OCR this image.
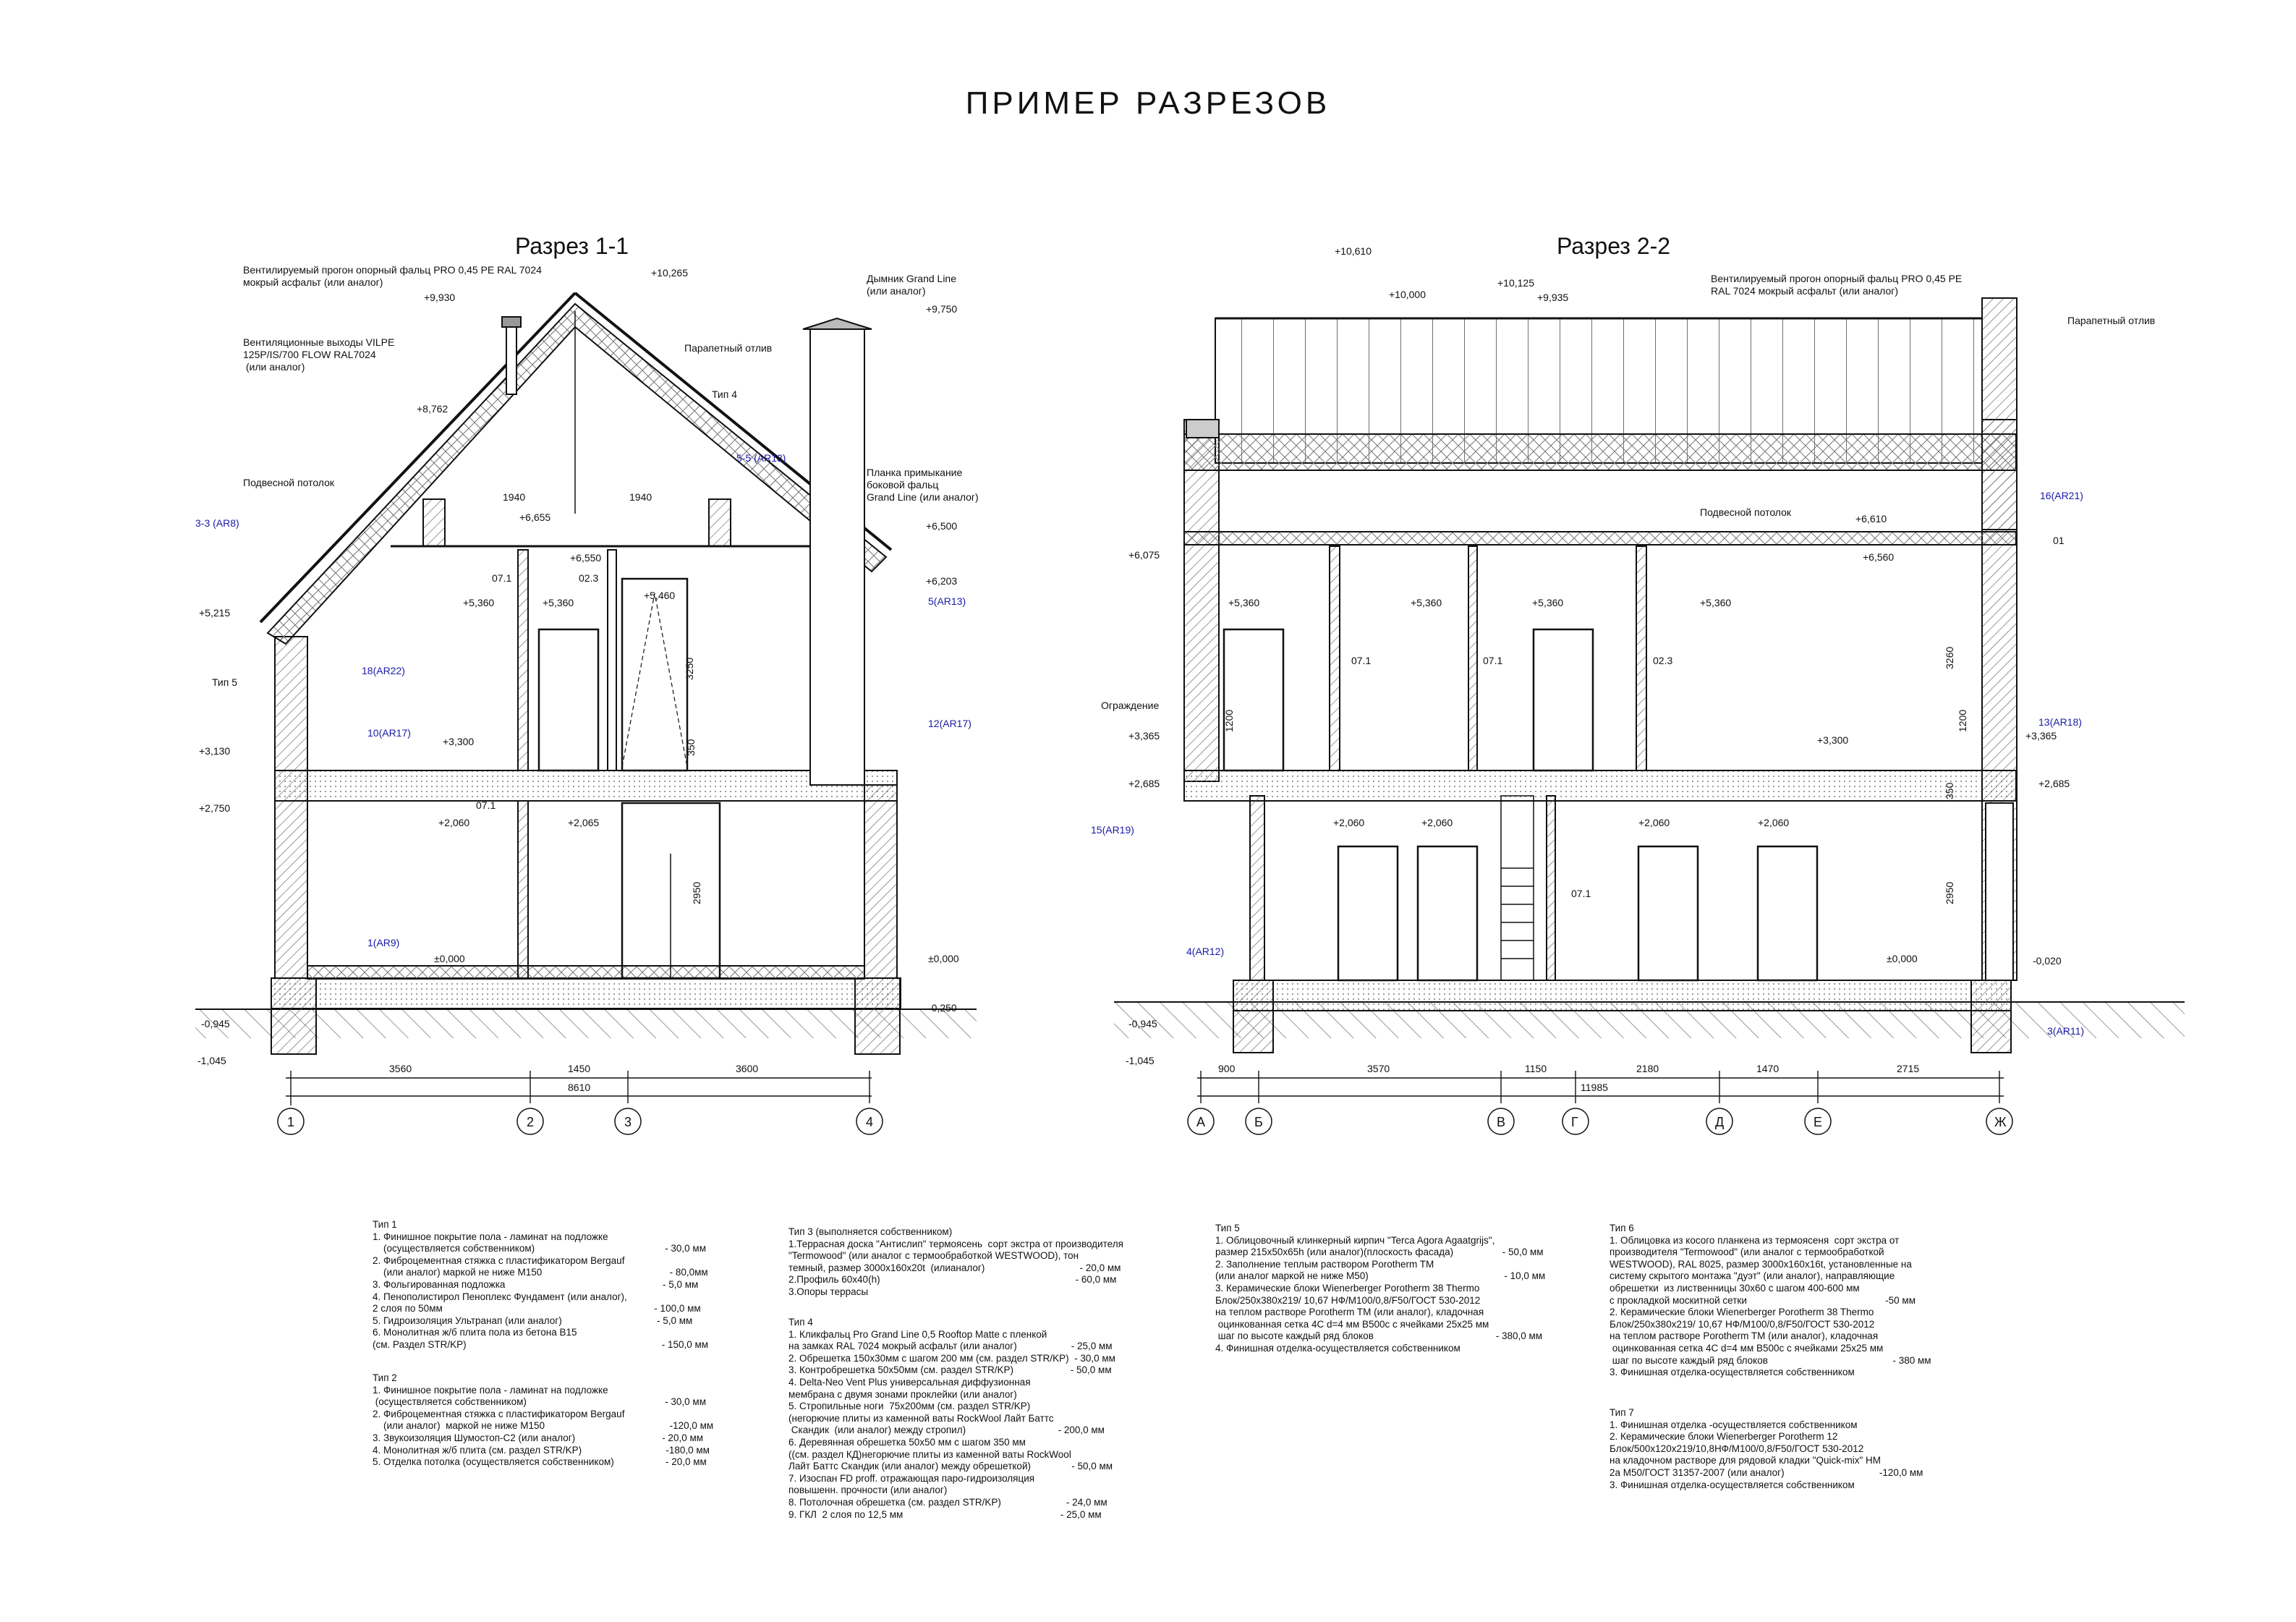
ПРИМЕР РАЗРЕЗОВ
Разрез 1-1	Разрез 2-2
3560	1450	3600
8610
1	2	3	4
+10,265
+9,930
+9,750
+8,762
+6,655
+6,550
+6,500
+6,203
+5,460
+5,360	+5,360
+5,215
+3,300
+3,130
+2,750
+2,065
+2,060
±0,000	±0,000
-0,945
-1,045
-0,250
3-3 (AR8)
5-5 (AR13)
5(AR13)
18(AR22)
10(AR17)
12(AR17)
1(AR9)
07.1	02.3
07.1
1940	1940
3250
350
2950
Вентилируемый прогон опорный фальц PRO 0,45 PE RAL 7024 мокрый асфальт (или аналог)
Вентиляционные выходы VILPE 125P/IS/700 FLOW RAL7024 (или аналог)
Дымник Grand Line (или аналог)
Парапетный отлив
Тип 4
Подвесной потолок
Планка примыкание боковой фальц Grand Line (или аналог)
Тип 5
900	3570	1150	2180	1470	2715
11985
А	Б	В	Г	Д	Е	Ж
+10,610
+10,000
+10,125
+9,935
+6,610
+6,560
+6,075
+5,360	+5,360	+5,360	+5,360
+3,365	+3,365
+3,300
+2,685	+2,685
+2,060	+2,060	+2,060	+2,060
±0,000	-0,020
-0,945
-1,045
16(AR21)
13(AR18)
15(AR19)
4(AR12)
3(AR11)
07.1	07.1	02.3
07.1
3260
1200	1200
350
2950
Вентилируемый прогон опорный фальц PRO 0,45 PE RAL 7024 мокрый асфальт (или аналог)
Парапетный отлив
Подвесной потолок
Ограждение
01
Тип 1
1. Финишное покрытие пола - ламинат на подложке
(осуществляется собственником)                                                - 30,0 мм
2. Фиброцементная стяжка с пластификатором Bergauf
(или аналог) маркой не ниже М150                                               - 80,0мм
3. Фольгированная подложка                                                          - 5,0 мм
4. Пенополистирол Пеноплекс Фундамент (или аналог),
2 слоя по 50мм                                                                              - 100,0 мм
5. Гидроизоляция Ультранап (или аналог)                                   - 5,0 мм
6. Монолитная ж/б плита пола из бетона В15
(см. Раздел STR/KP)                                                                        - 150,0 мм
Тип 2
1. Финишное покрытие пола - ламинат на подложке
(осуществляется собственником)                                                   - 30,0 мм
2. Фиброцементная стяжка с пластификатором Bergauf
(или аналог)  маркой не ниже М150                                              -120,0 мм
3. Звукоизоляция Шумостоп-С2 (или аналог)                                - 20,0 мм
4. Монолитная ж/б плита (см. раздел STR/KP)                               -180,0 мм
5. Отделка потолка (осуществляется собственником)                   - 20,0 мм
Тип 3 (выполняется собственником)
1.Террасная доска "Антислип" термоясень  сорт экстра от производителя
"Termowood" (или аналог с термообработкой WESTWOOD), тон
темный, размер 3000х160х20t  (илианалог)                                   - 20,0 мм
2.Профиль 60х40(h)                                                                        - 60,0 мм
3.Опоры террасы
Тип 4
1. Кликфальц Pro Grand Line 0,5 Rooftop Matte с пленкой
на замках RAL 7024 мокрый асфальт (или аналог)                    - 25,0 мм
2. Обрешетка 150х30мм с шагом 200 мм (см. раздел STR/KP)  - 30,0 мм
3. Контробрешетка 50х50мм (см. раздел STR/KP)                     - 50,0 мм
4. Delta-Neo Vent Plus универсальная диффузионная
мембрана с двумя зонами проклейки (или аналог)
5. Стропильные ноги  75х200мм (см. раздел STR/KP)
(негорючие плиты из каменной ваты RockWool Лайт Баттс
Скандик  (или аналог) между стропил)                                  - 200,0 мм
6. Деревянная обрешетка 50х50 мм с шагом 350 мм
((см. раздел КД)негорючие плиты из каменной ваты RockWool
Лайт Баттс Скандик (или аналог) между обрешеткой)               - 50,0 мм
7. Изоспан FD proff. отражающая паро-гидроизоляция
повышенн. прочности (или аналог)
8. Потолочная обрешетка (см. раздел STR/KP)                        - 24,0 мм
9. ГКЛ  2 слоя по 12,5 мм                                                          - 25,0 мм
Тип 5
1. Облицовочный клинкерный кирпич "Terca Agora Agaatgrijs",
размер 215х50х65h (или аналог)(плоскость фасада)                  - 50,0 мм
2. Заполнение теплым раствором Porotherm TM
(или аналог маркой не ниже М50)                                                  - 10,0 мм
3. Керамические блоки Wienerberger Porotherm 38 Thermo
Блок/250х380х219/ 10,67 НФ/М100/0,8/F50/ГОСТ 530-2012
на теплом растворе Porotherm TM (или аналог), кладочная
оцинкованная сетка 4С d=4 мм В500с с ячейками 25х25 мм
шаг по высоте каждый ряд блоков                                             - 380,0 мм
4. Финишная отделка-осуществляется собственником
Тип 6
1. Облицовка из косого планкена из термоясеня  сорт экстра от
производителя "Termowood" (или аналог с термообработкой
WESTWOOD), RAL 8025, размер 3000х160х16t, установленные на
систему скрытого монтажа "дуэт" (или аналог), направляющие
обрешетки  из лиственницы 30х60 с шагом 400-600 мм
с прокладкой москитной сетки                                                   -50 мм
2. Керамические блоки Wienerberger Porotherm 38 Thermo
Блок/250х380х219/ 10,67 НФ/М100/0,8/F50/ГОСТ 530-2012
на теплом растворе Porotherm TM (или аналог), кладочная
оцинкованная сетка 4С d=4 мм В500с с ячейками 25х25 мм
шаг по высоте каждый ряд блоков                                              - 380 мм
3. Финишная отделка-осуществляется собственником
Тип 7
1. Финишная отделка -осуществляется собственником
2. Керамические блоки Wienerberger Porotherm 12
Блок/500х120х219/10,8НФ/М100/0,8/F50/ГОСТ 530-2012
на кладочном растворе для рядовой кладки "Quick-mix" НМ
2а М50/ГОСТ 31357-2007 (или аналог)                                   -120,0 мм
3. Финишная отделка-осуществляется собственником
